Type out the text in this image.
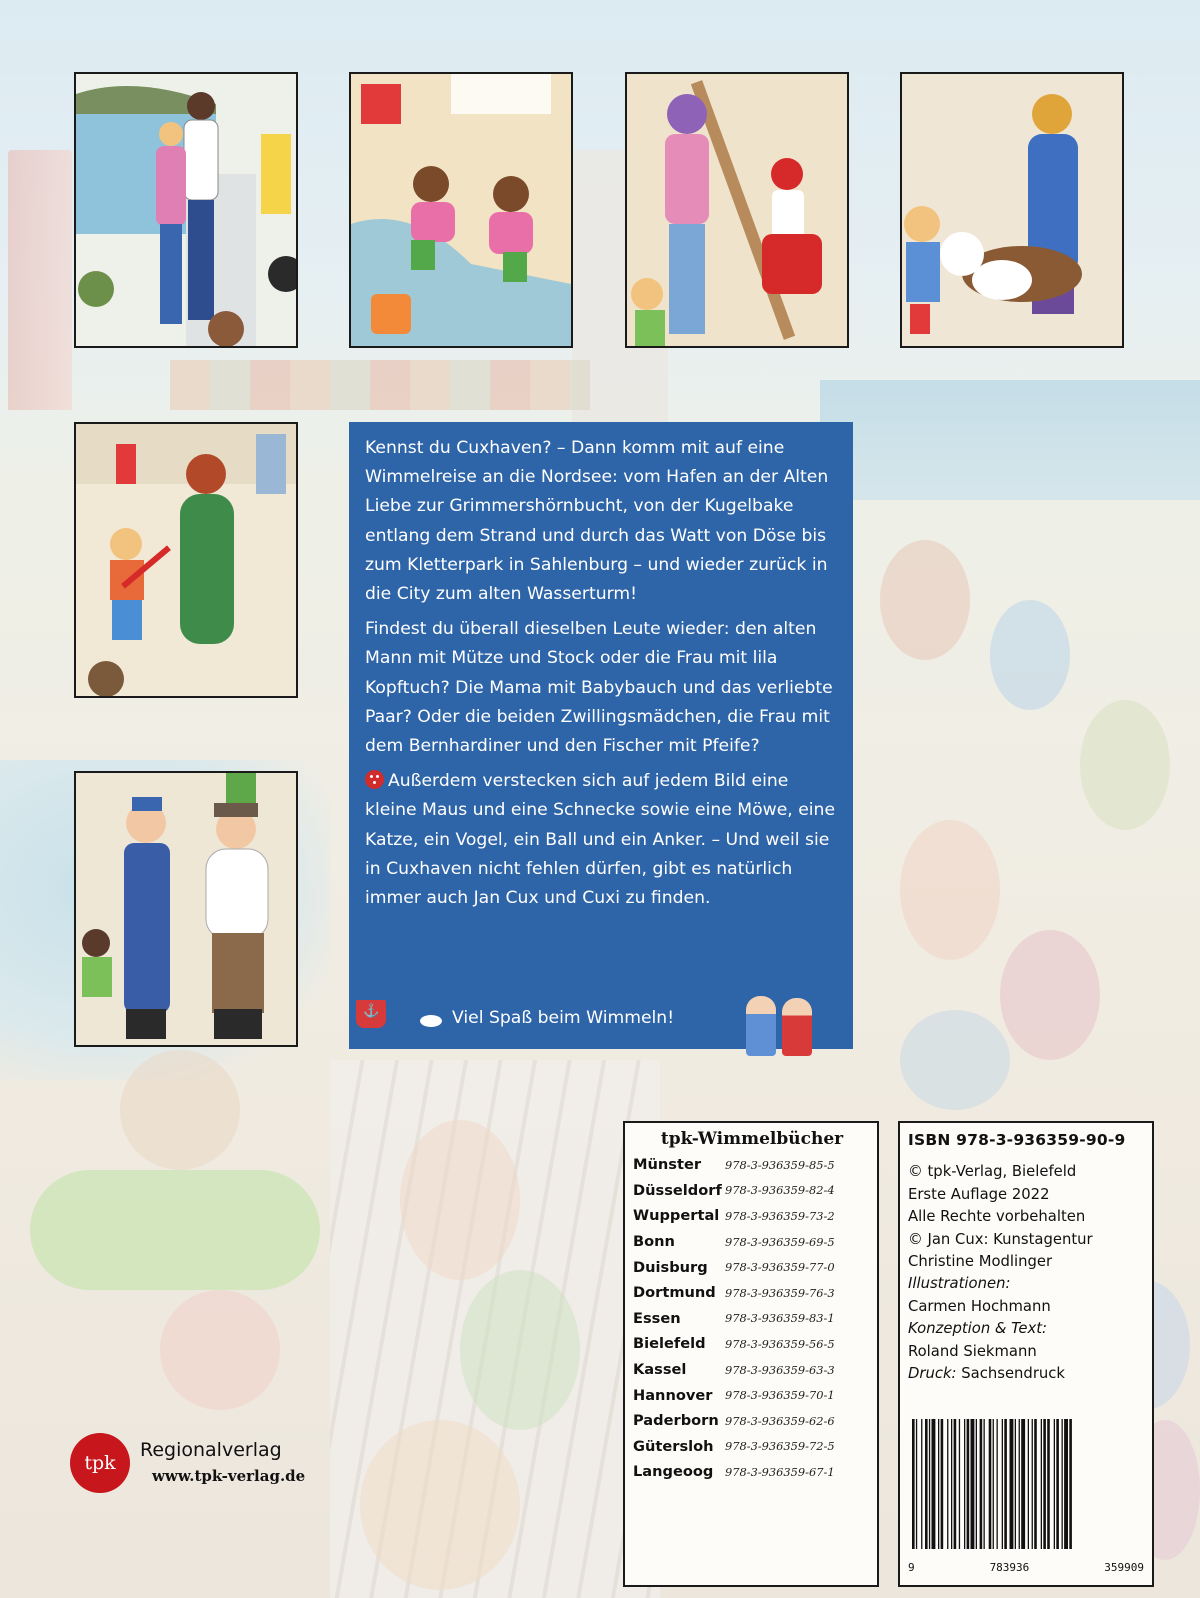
Kennst du Cuxhaven? – Dann komm mit auf eine Wimmelreise an die Nordsee: vom Hafen an der Alten Liebe zur Grimmershörnbucht, von der Kugelbake entlang dem Strand und durch das Watt von Döse bis zum Kletterpark in Sahlenburg – und wieder zurück in die City zum alten Wasserturm!

Findest du überall dieselben Leute wieder: den alten Mann mit Mütze und Stock oder die Frau mit lila Kopftuch? Die Mama mit Babybauch und das verliebte Paar? Oder die beiden Zwillingsmädchen, die Frau mit dem Bernhardiner und den Fischer mit Pfeife?

Außerdem verstecken sich auf jedem Bild eine kleine Maus und eine Schnecke sowie eine Möwe, eine Katze, ein Vogel, ein Ball und ein Anker. – Und weil sie in Cuxhaven nicht fehlen dürfen, gibt es natürlich immer auch Jan Cux und Cuxi zu finden.

⚓
Viel Spaß beim Wimmeln!
tpk-Wimmelbücher
Münster	978-3-936359-85-5
Düsseldorf 978-3-936359-82-4
Wuppertal 978-3-936359-73-2
Bonn	978-3-936359-69-5
Duisburg	978-3-936359-77-0
Dortmund 978-3-936359-76-3
Essen	978-3-936359-83-1
Bielefeld	978-3-936359-56-5
Kassel	978-3-936359-63-3
Hannover	978-3-936359-70-1
Paderborn 978-3-936359-62-6
Gütersloh	978-3-936359-72-5
Langeoog	978-3-936359-67-1
ISBN 978-3-936359-90-9
© tpk-Verlag, Bielefeld
Erste Auflage 2022
Alle Rechte vorbehalten
© Jan Cux: Kunstagentur
Christine Modlinger
Illustrationen:
Carmen Hochmann
Konzeption & Text:
Roland Siekmann
Druck: Sachsendruck
9	783936	359909
tpk
Regionalverlag
www.tpk-verlag.de
